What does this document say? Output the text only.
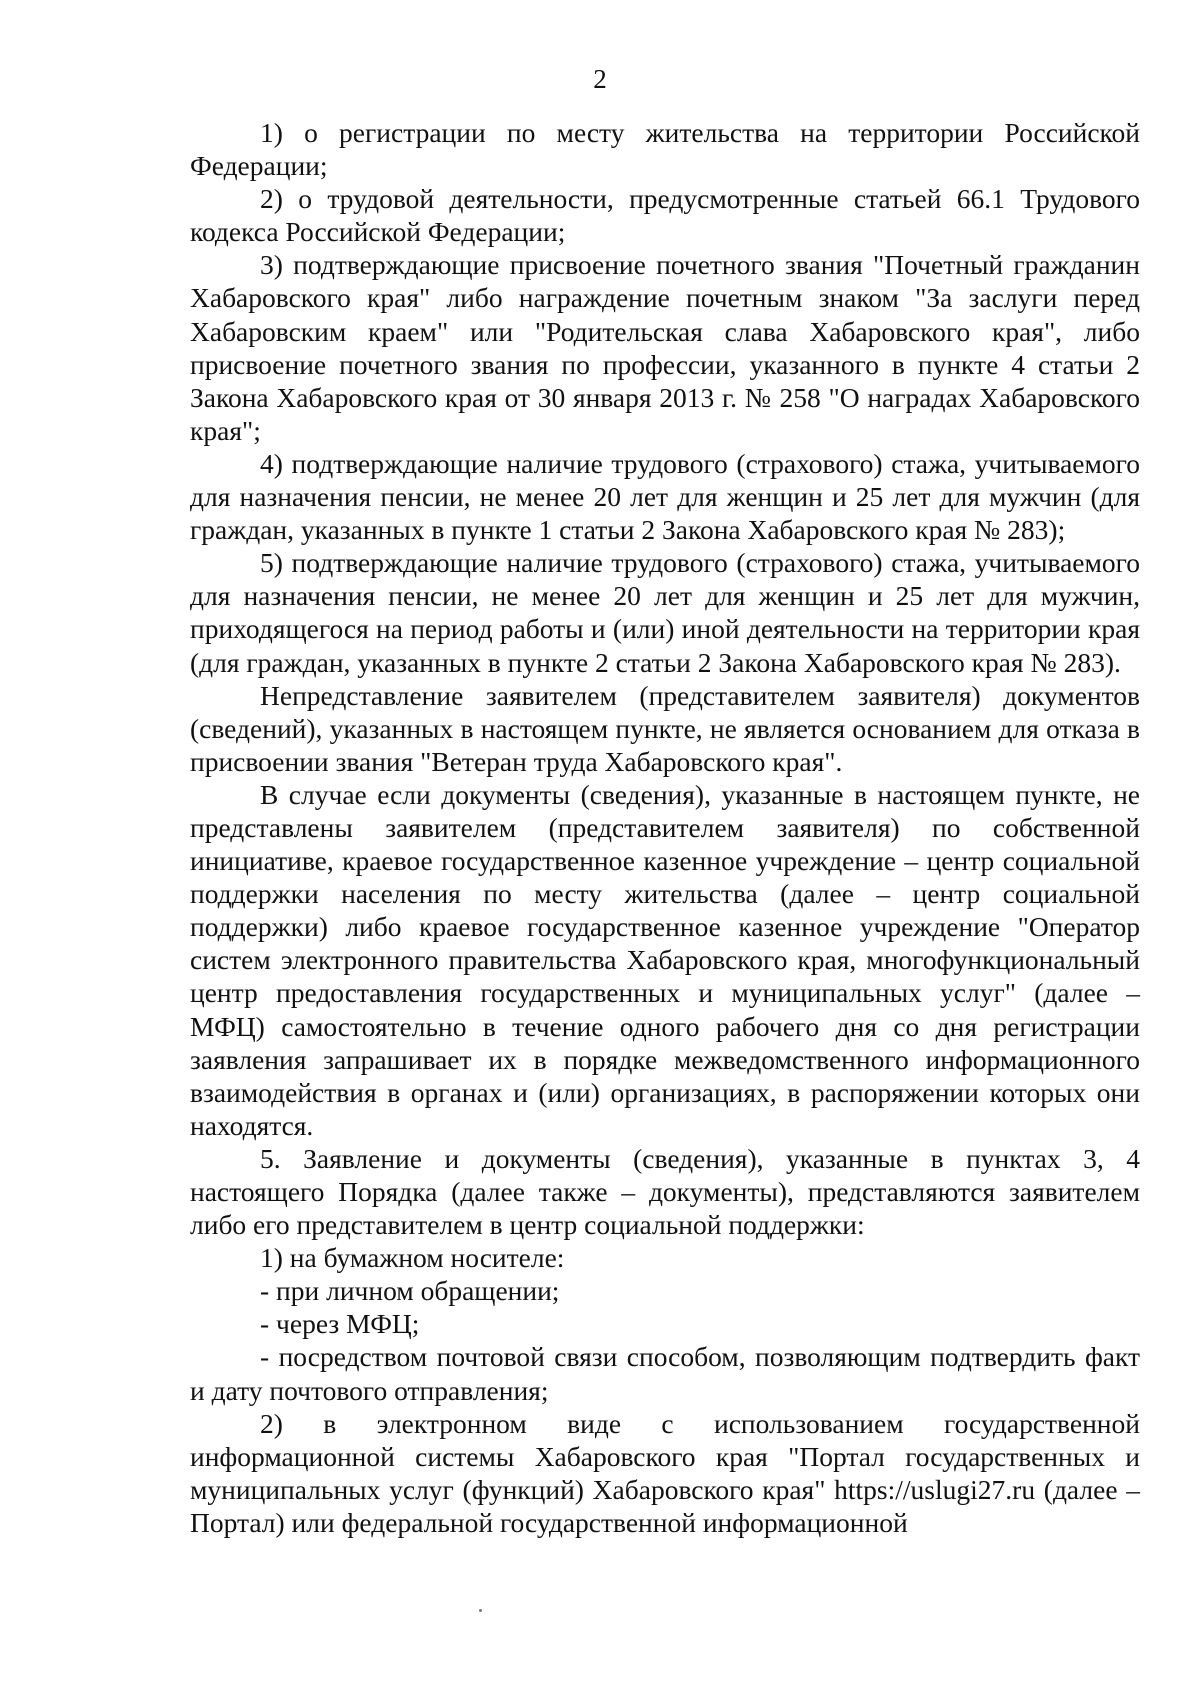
2

1) о регистрации по месту жительства на территории Российской Федерации;

2) о трудовой деятельности, предусмотренные статьей 66.1 Трудового кодекса Российской Федерации;

3) подтверждающие присвоение почетного звания "Почетный гражданин Хабаровского края" либо награждение почетным знаком "За заслуги перед Хабаровским краем" или "Родительская слава Хабаровского края", либо присвоение почетного звания по профессии, указанного в пункте 4 статьи 2 Закона Хабаровского края от 30 января 2013 г. № 258 "О наградах Хабаровского края";

4) подтверждающие наличие трудового (страхового) стажа, учитываемого для назначения пенсии, не менее 20 лет для женщин и 25 лет для мужчин (для граждан, указанных в пункте 1 статьи 2 Закона Хабаровского края № 283);

5) подтверждающие наличие трудового (страхового) стажа, учитываемого для назначения пенсии, не менее 20 лет для женщин и 25 лет для мужчин, приходящегося на период работы и (или) иной деятельности на территории края (для граждан, указанных в пункте 2 статьи 2 Закона Хабаровского края № 283).

Непредставление заявителем (представителем заявителя) документов (сведений), указанных в настоящем пункте, не является основанием для отказа в присвоении звания "Ветеран труда Хабаровского края".

В случае если документы (сведения), указанные в настоящем пункте, не представлены заявителем (представителем заявителя) по собственной инициативе, краевое государственное казенное учреждение – центр социальной поддержки населения по месту жительства (далее – центр социальной поддержки) либо краевое государственное казенное учреждение "Оператор систем электронного правительства Хабаровского края, многофункциональный центр предоставления государственных и муниципальных услуг" (далее – МФЦ) самостоятельно в течение одного рабочего дня со дня регистрации заявления запрашивает их в порядке межведомственного информационного взаимодействия в органах и (или) организациях, в распоряжении которых они находятся.

5. Заявление и документы (сведения), указанные в пунктах 3, 4 настоящего Порядка (далее также – документы), представляются заявителем либо его представителем в центр социальной поддержки:

1) на бумажном носителе:

- при личном обращении;

- через МФЦ;

- посредством почтовой связи способом, позволяющим подтвердить факт и дату почтового отправления;

2) в электронном виде с использованием государственной информационной системы Хабаровского края "Портал государственных и муниципальных услуг (функций) Хабаровского края" https://uslugi27.ru (далее – Портал) или федеральной государственной информационной
